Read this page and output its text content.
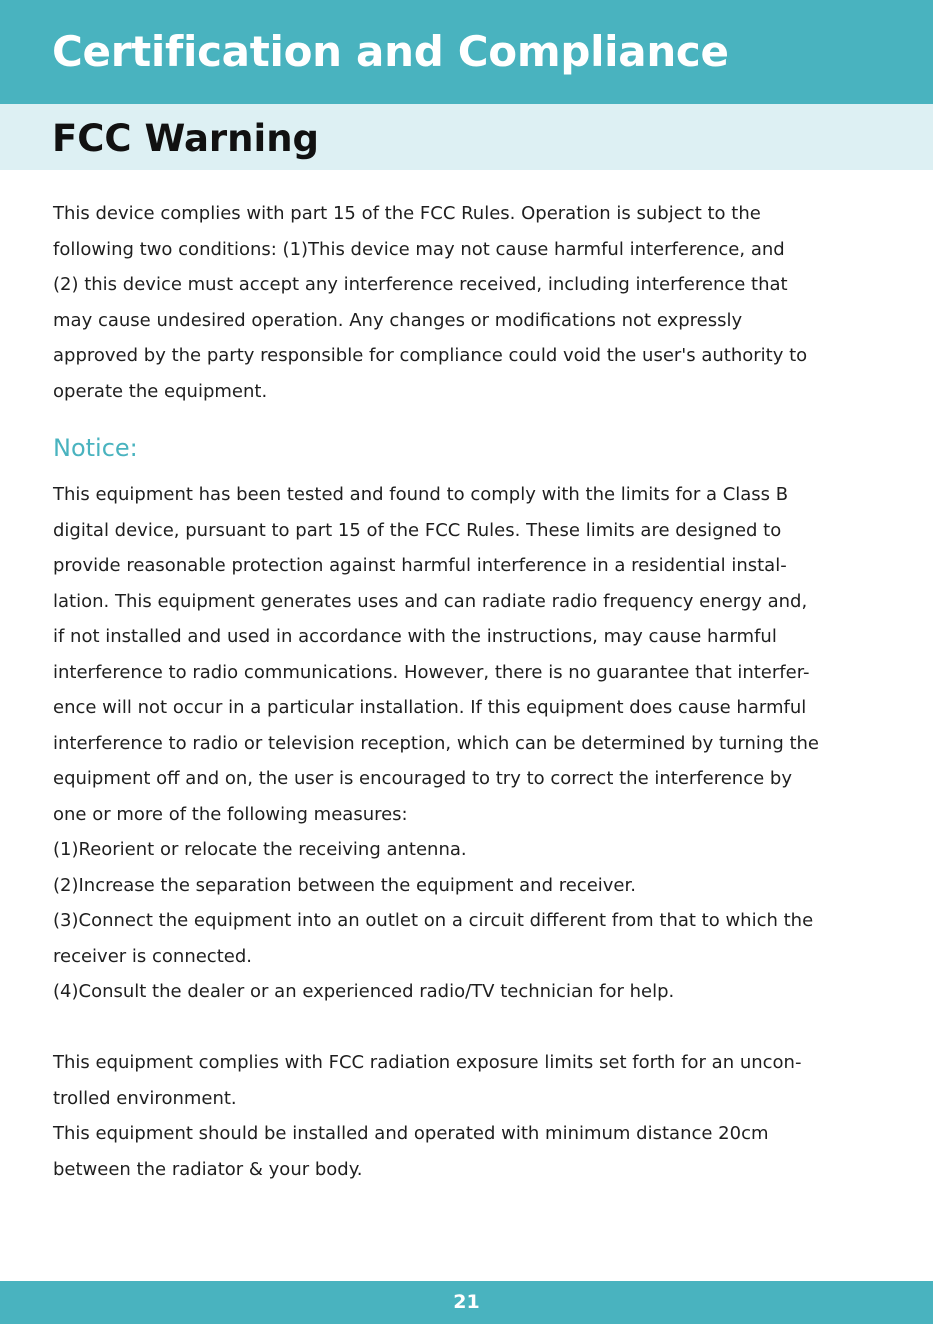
Certification and Compliance
FCC Warning
This device complies with part 15 of the FCC Rules. Operation is subject to the
following two conditions: (1)This device may not cause harmful interference, and
(2) this device must accept any interference received, including interference that
may cause undesired operation. Any changes or modifications not expressly
approved by the party responsible for compliance could void the user's authority to
operate the equipment.
Notice:
This equipment has been tested and found to comply with the limits for a Class B
digital device, pursuant to part 15 of the FCC Rules. These limits are designed to
provide reasonable protection against harmful interference in a residential instal-
lation. This equipment generates uses and can radiate radio frequency energy and,
if not installed and used in accordance with the instructions, may cause harmful
interference to radio communications. However, there is no guarantee that interfer-
ence will not occur in a particular installation. If this equipment does cause harmful
interference to radio or television reception, which can be determined by turning the
equipment off and on, the user is encouraged to try to correct the interference by
one or more of the following measures:
(1)Reorient or relocate the receiving antenna.
(2)Increase the separation between the equipment and receiver.
(3)Connect the equipment into an outlet on a circuit different from that to which the
receiver is connected.
(4)Consult the dealer or an experienced radio/TV technician for help.
This equipment complies with FCC radiation exposure limits set forth for an uncon-
trolled environment.
This equipment should be installed and operated with minimum distance 20cm
between the radiator & your body.
21
